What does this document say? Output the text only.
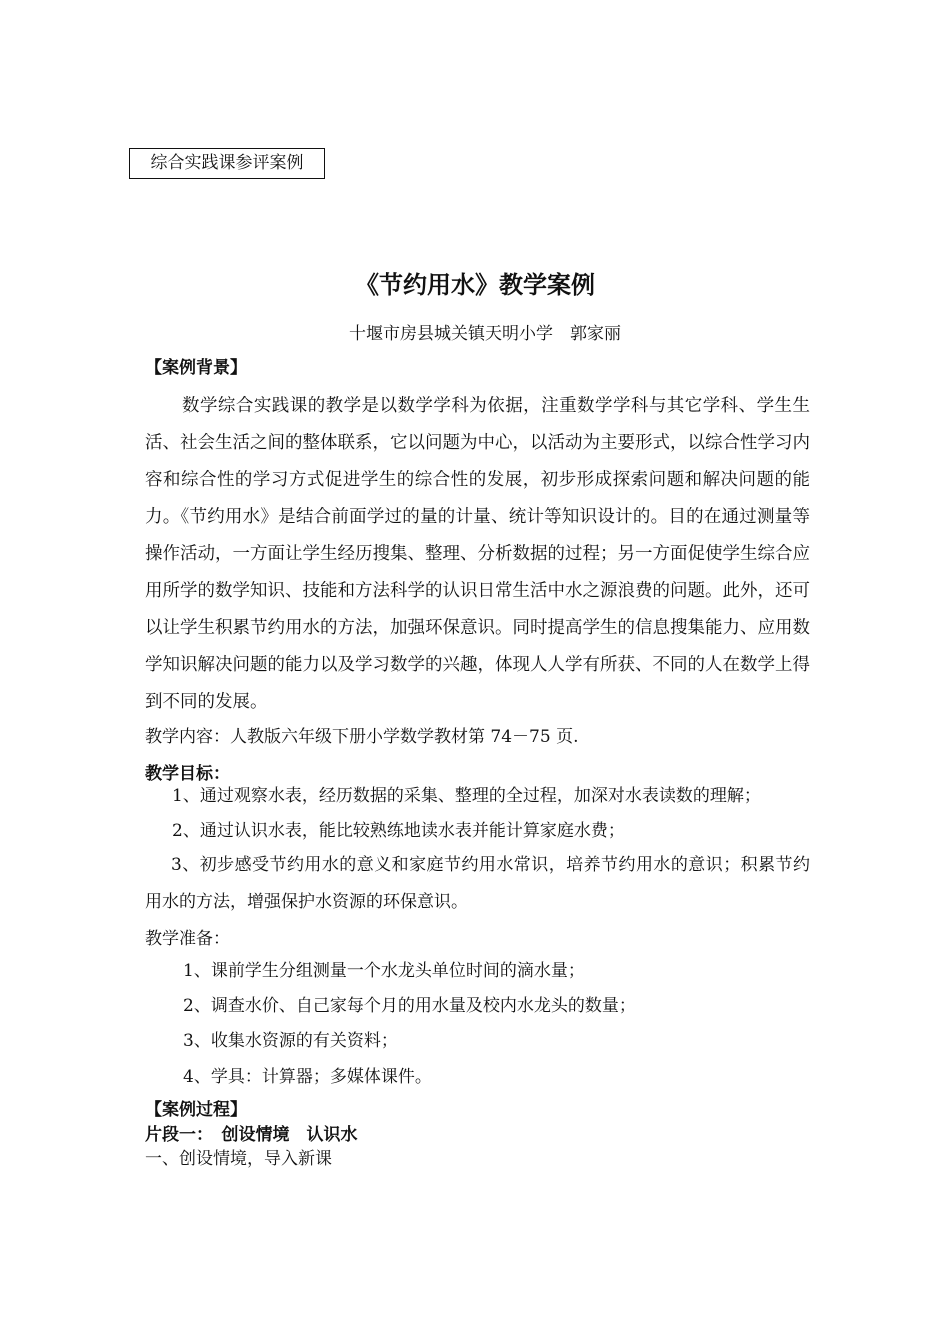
综合实践课参评案例
《节约用水》教学案例
十堰市房县城关镇天明小学　郭家丽
【案例背景】

数学综合实践课的教学是以数学学科为依据，注重数学学科与其它学科、学生生活、社会生活之间的整体联系，它以问题为中心，以活动为主要形式，以综合性学习内容和综合性的学习方式促进学生的综合性的发展，初步形成探索问题和解决问题的能力。《节约用水》是结合前面学过的量的计量、统计等知识设计的。目的在通过测量等操作活动，一方面让学生经历搜集、整理、分析数据的过程；另一方面促使学生综合应用所学的数学知识、技能和方法科学的认识日常生活中水之源浪费的问题。此外，还可以让学生积累节约用水的方法，加强环保意识。同时提高学生的信息搜集能力、应用数学知识解决问题的能力以及学习数学的兴趣，体现人人学有所获、不同的人在数学上得到不同的发展。

教学内容：人教版六年级下册小学数学教材第 74－75 页.
教学目标：
1、通过观察水表，经历数据的采集、整理的全过程，加深对水表读数的理解；
2、通过认识水表，能比较熟练地读水表并能计算家庭水费；

3、初步感受节约用水的意义和家庭节约用水常识，培养节约用水的意识；积累节约用水的方法，增强保护水资源的环保意识。

教学准备：
1、课前学生分组测量一个水龙头单位时间的滴水量；
2、调查水价、自己家每个月的用水量及校内水龙头的数量；
3、收集水资源的有关资料；
4、学具：计算器；多媒体课件。
【案例过程】
片段一：　创设情境　认识水
一、创设情境，导入新课
